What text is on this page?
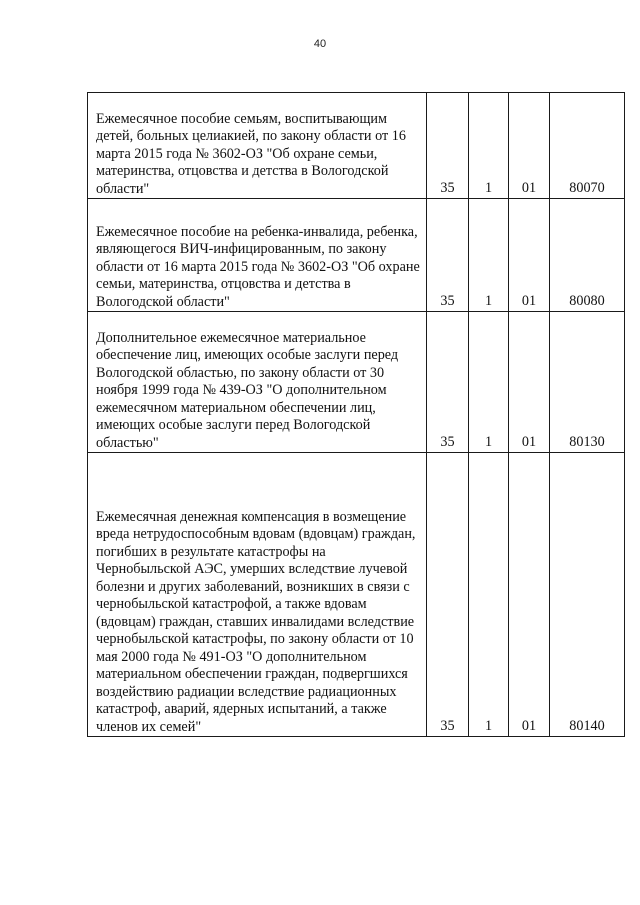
40
Ежемесячное пособие семьям, воспитывающим детей, больных целиакией, по закону области от 16 марта 2015 года № 3602-ОЗ "Об охране семьи, материнства, отцовства и детства в Вологодской области"	35	1	01	80070
Ежемесячное пособие на ребенка-инвалида, ребенка, являющегося ВИЧ-инфицированным, по закону области от 16 марта 2015 года № 3602-ОЗ "Об охране семьи, материнства, отцовства и детства в Вологодской области"	35	1	01	80080
Дополнительное ежемесячное материальное обеспечение лиц, имеющих особые заслуги перед Вологодской областью, по закону области от 30 ноября 1999 года № 439-ОЗ "О дополнительном ежемесячном материальном обеспечении лиц, имеющих особые заслуги перед Вологодской областью"	35	1	01	80130
Ежемесячная денежная компенсация в возмещение вреда нетрудоспособным вдовам (вдовцам) граждан, погибших в результате катастрофы на Чернобыльской АЭС, умерших вследствие лучевой болезни и других заболеваний, возникших в связи с чернобыльской катастрофой, а также вдовам (вдовцам) граждан, ставших инвалидами вследствие чернобыльской катастрофы, по закону области от 10 мая 2000 года № 491-ОЗ "О дополнительном материальном обеспечении граждан, подвергшихся воздействию радиации вследствие радиационных катастроф, аварий, ядерных испытаний, а также членов их семей"	35	1	01	80140
